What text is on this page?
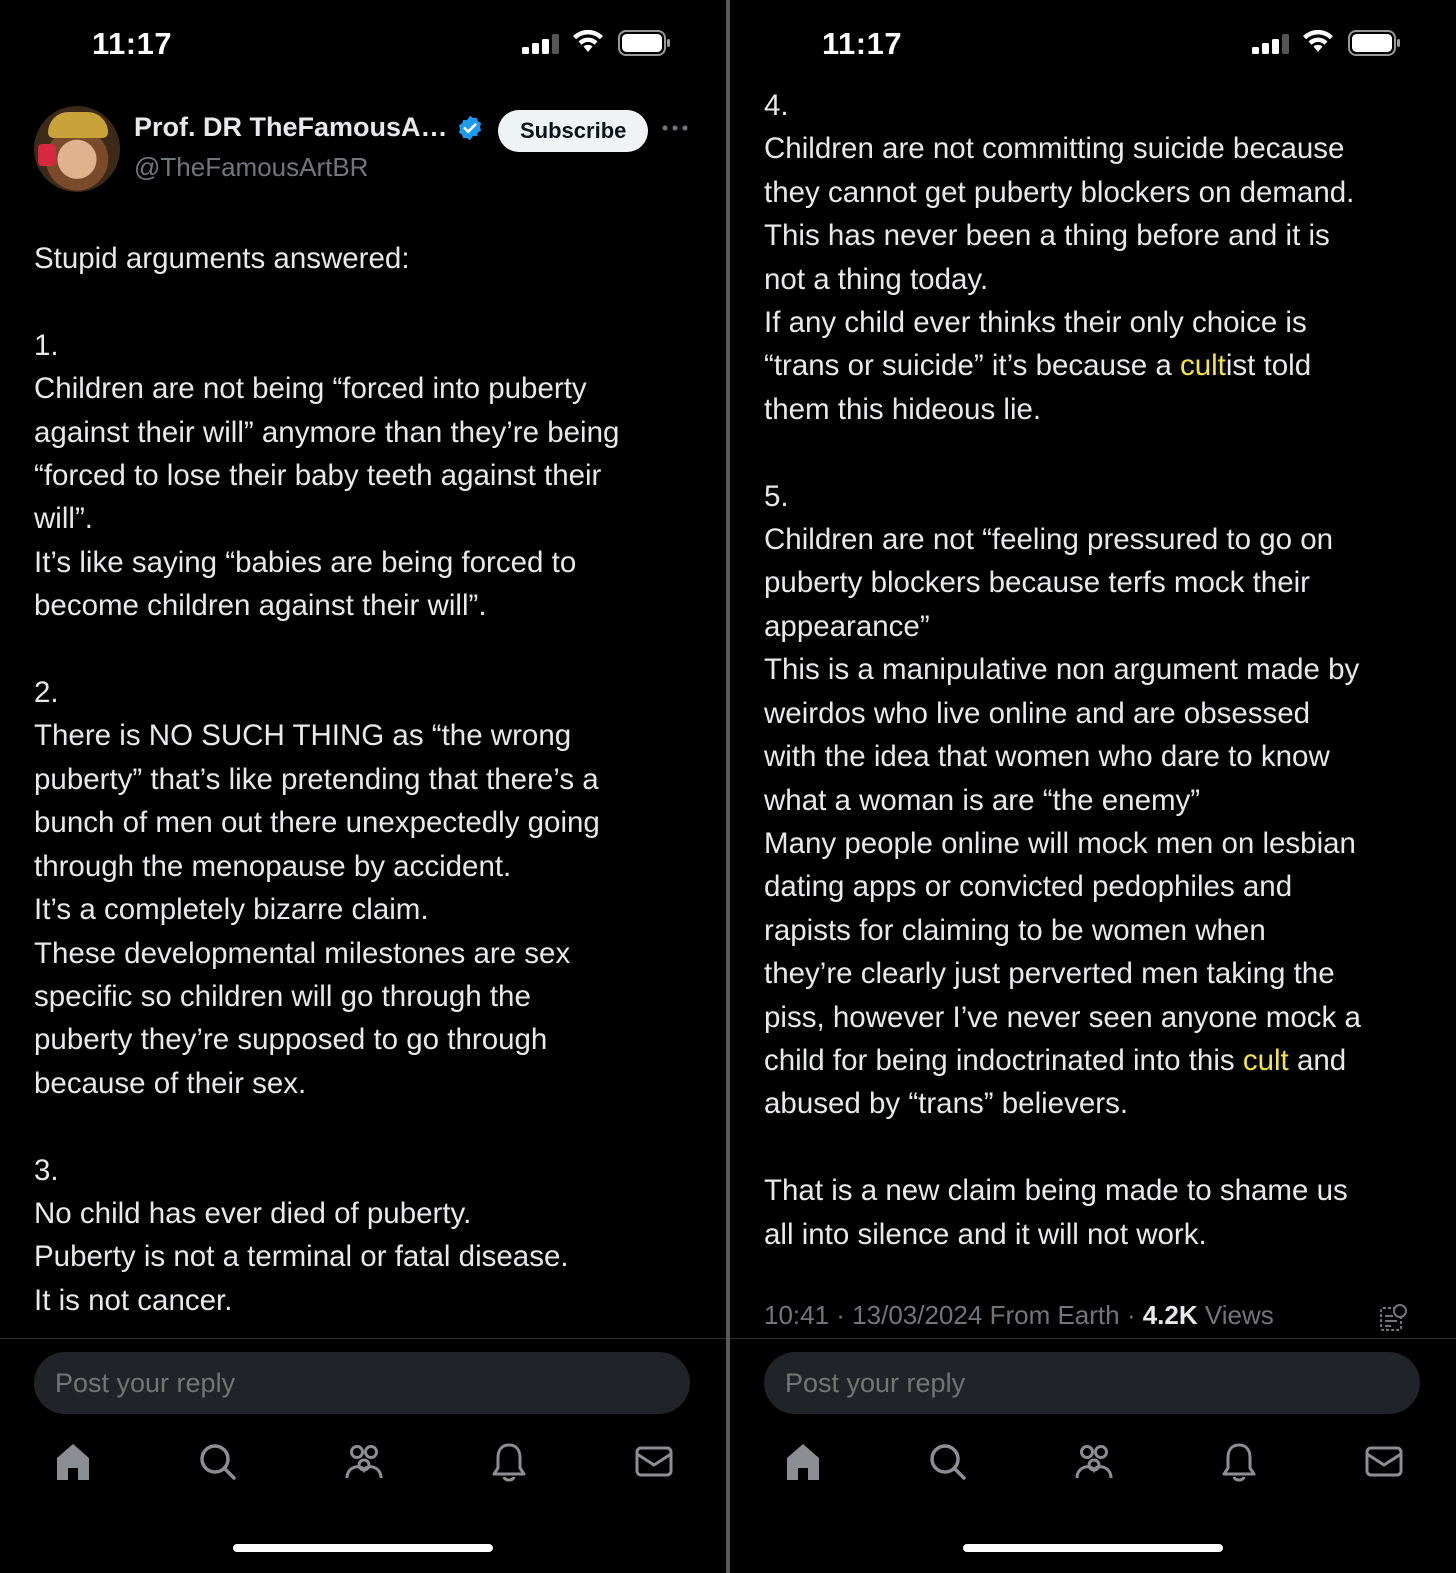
11:17
Prof. DR TheFamousA…
@TheFamousArtBR
Subscribe

Stupid arguments answered:

1.

Children are not being “forced into puberty

against their will” anymore than they’re being

“forced to lose their baby teeth against their

will”.

It’s like saying “babies are being forced to

become children against their will”.

2.

There is NO SUCH THING as “the wrong

puberty” that’s like pretending that there’s a

bunch of men out there unexpectedly going

through the menopause by accident.

It’s a completely bizarre claim.

These developmental milestones are sex

specific so children will go through the

puberty they’re supposed to go through

because of their sex.

3.

No child has ever died of puberty.

Puberty is not a terminal or fatal disease.

It is not cancer.

Post your reply
11:17

4.

Children are not committing suicide because

they cannot get puberty blockers on demand.

This has never been a thing before and it is

not a thing today.

If any child ever thinks their only choice is

“trans or suicide” it’s because a cultist told

them this hideous lie.

5.

Children are not “feeling pressured to go on

puberty blockers because terfs mock their

appearance”

This is a manipulative non argument made by

weirdos who live online and are obsessed

with the idea that women who dare to know

what a woman is are “the enemy”

Many people online will mock men on lesbian

dating apps or convicted pedophiles and

rapists for claiming to be women when

they’re clearly just perverted men taking the

piss, however I’ve never seen anyone mock a

child for being indoctrinated into this cult and

abused by “trans” believers.

That is a new claim being made to shame us

all into silence and it will not work.

10:41 · 13/03/2024 From Earth · 4.2K Views
Post your reply
